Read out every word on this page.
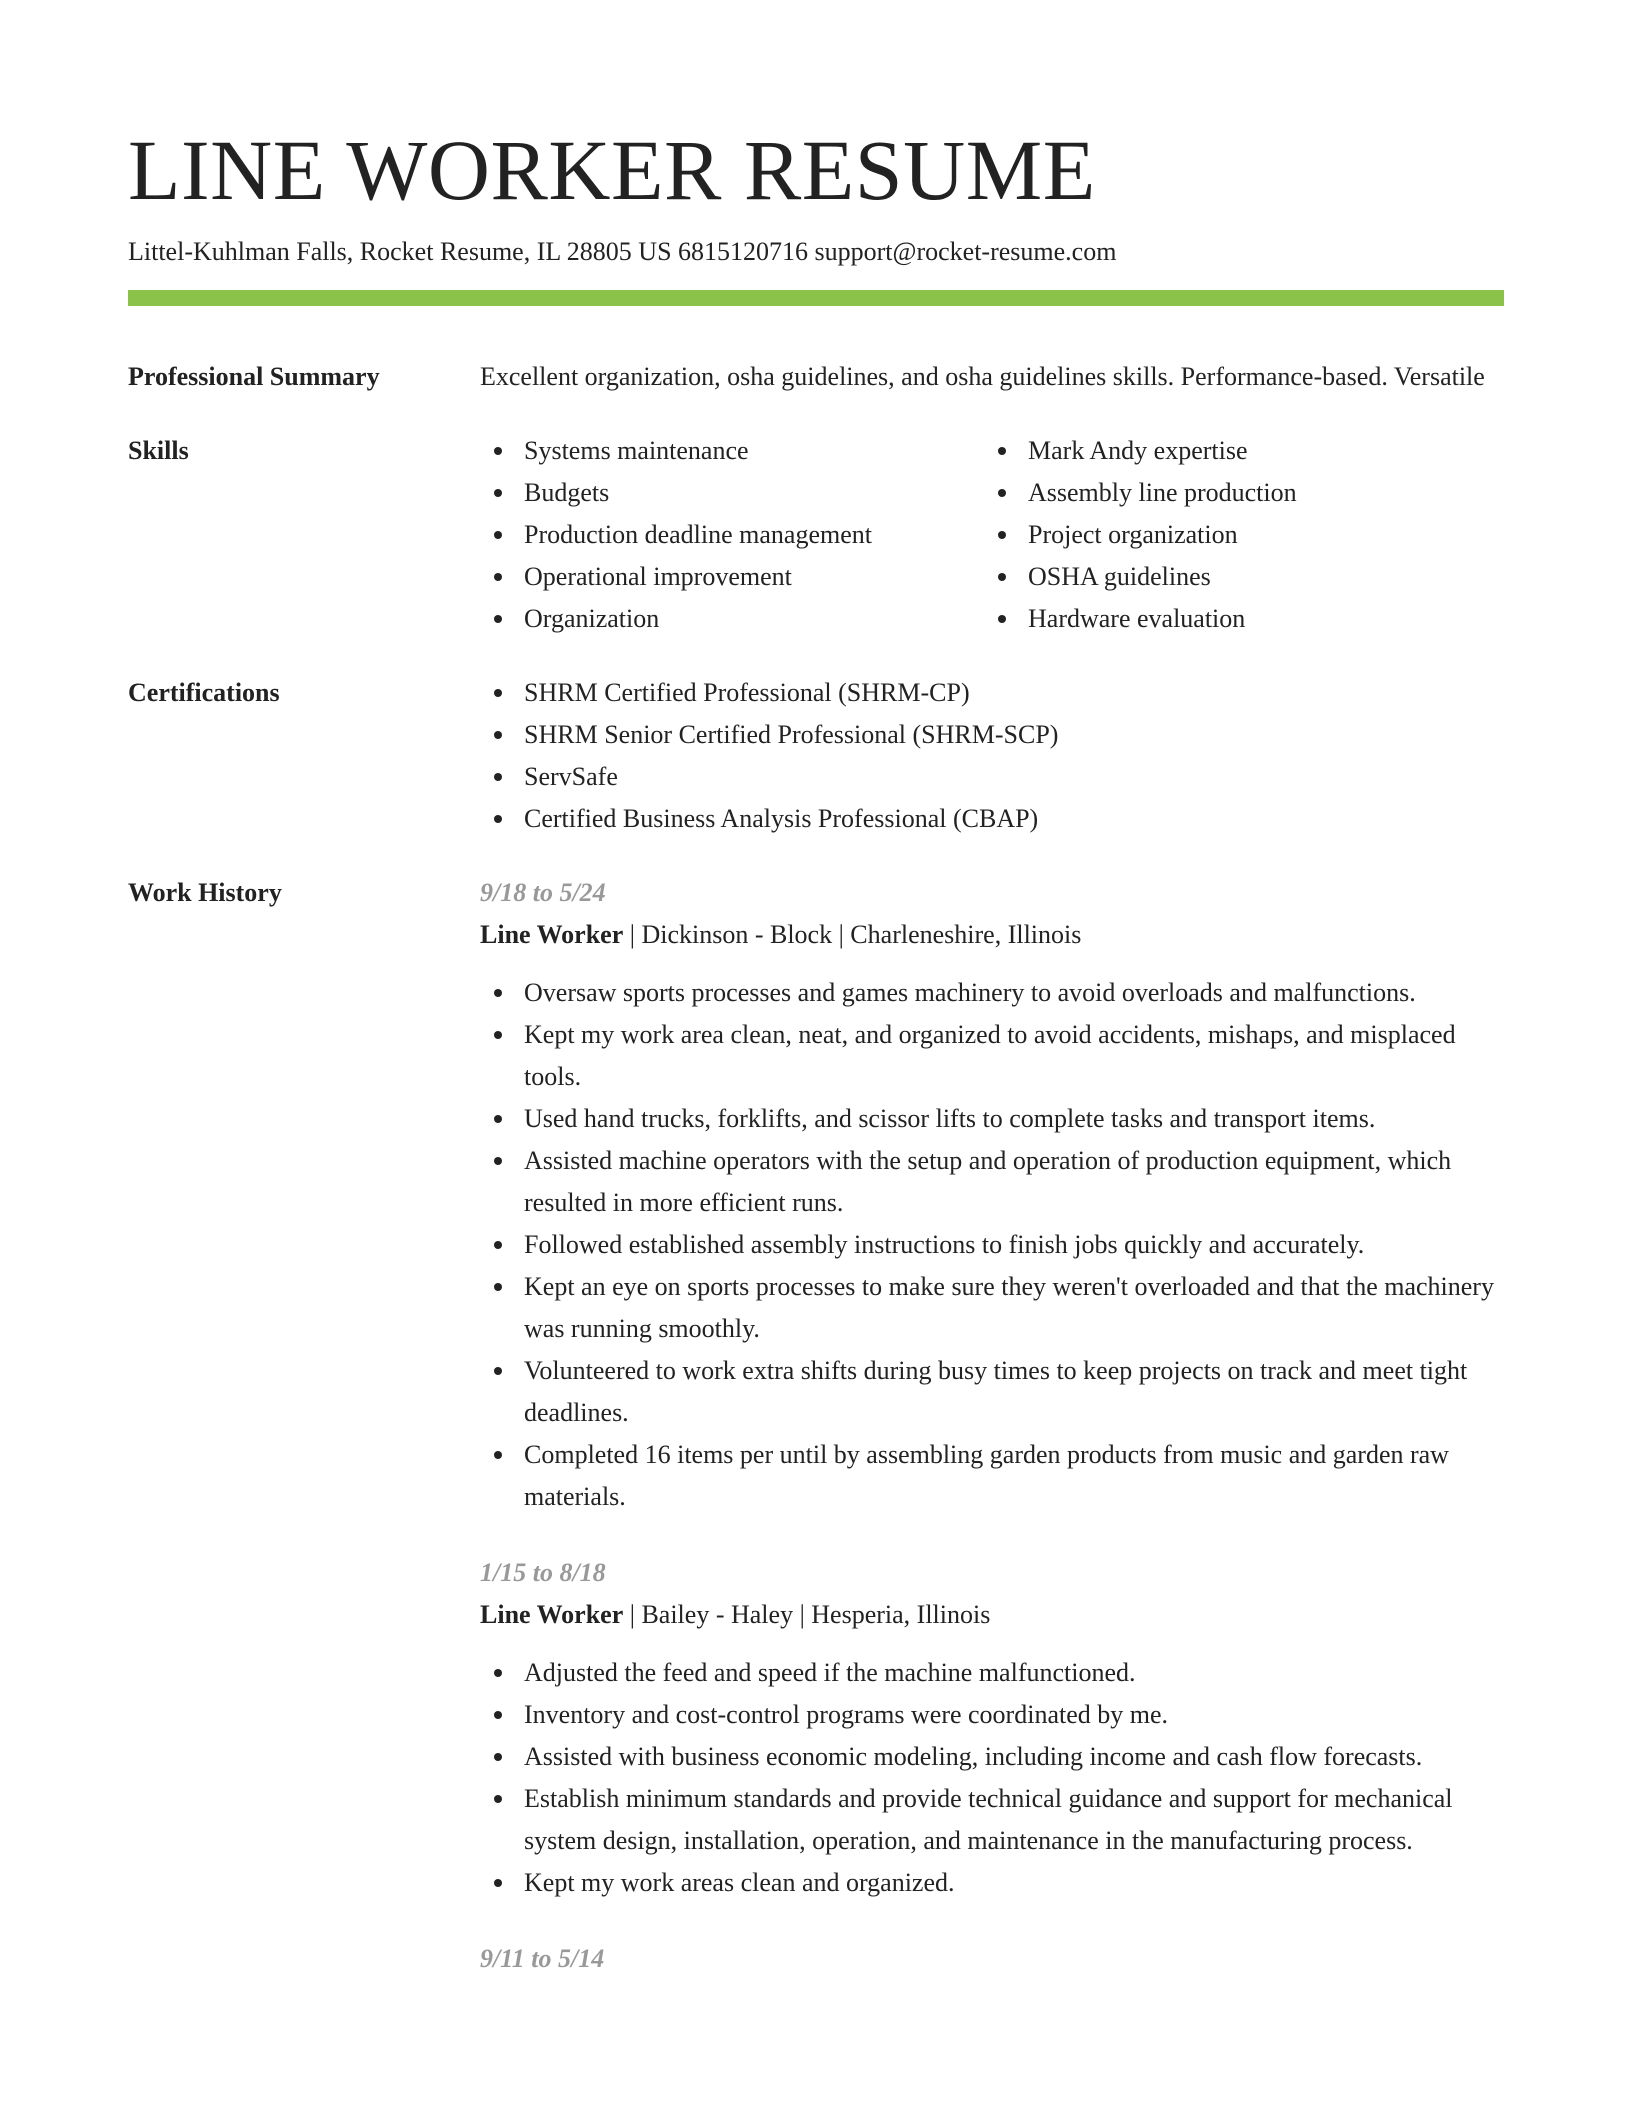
LINE WORKER RESUME
Littel-Kuhlman Falls, Rocket Resume, IL 28805 US 6815120716 support@rocket-resume.com
Professional Summary	Excellent organization, osha guidelines, and osha guidelines skills. Performance-based. Versatile
Skills	Systems maintenance
Budgets
Production deadline management
Operational improvement
Organization
Mark Andy expertise
Assembly line production
Project organization
OSHA guidelines
Hardware evaluation
Certifications	SHRM Certified Professional (SHRM-CP)
SHRM Senior Certified Professional (SHRM-SCP)
ServSafe
Certified Business Analysis Professional (CBAP)
Work History	9/18 to 5/24
Line Worker | Dickinson - Block | Charleneshire, Illinois
Oversaw sports processes and games machinery to avoid overloads and malfunctions.
Kept my work area clean, neat, and organized to avoid accidents, mishaps, and misplaced tools.
Used hand trucks, forklifts, and scissor lifts to complete tasks and transport items.
Assisted machine operators with the setup and operation of production equipment, which resulted in more efficient runs.
Followed established assembly instructions to finish jobs quickly and accurately.
Kept an eye on sports processes to make sure they weren't overloaded and that the machinery was running smoothly.
Volunteered to work extra shifts during busy times to keep projects on track and meet tight deadlines.
Completed 16 items per until by assembling garden products from music and garden raw materials.
1/15 to 8/18
Line Worker | Bailey - Haley | Hesperia, Illinois
Adjusted the feed and speed if the machine malfunctioned.
Inventory and cost-control programs were coordinated by me.
Assisted with business economic modeling, including income and cash flow forecasts.
Establish minimum standards and provide technical guidance and support for mechanical system design, installation, operation, and maintenance in the manufacturing process.
Kept my work areas clean and organized.
9/11 to 5/14
